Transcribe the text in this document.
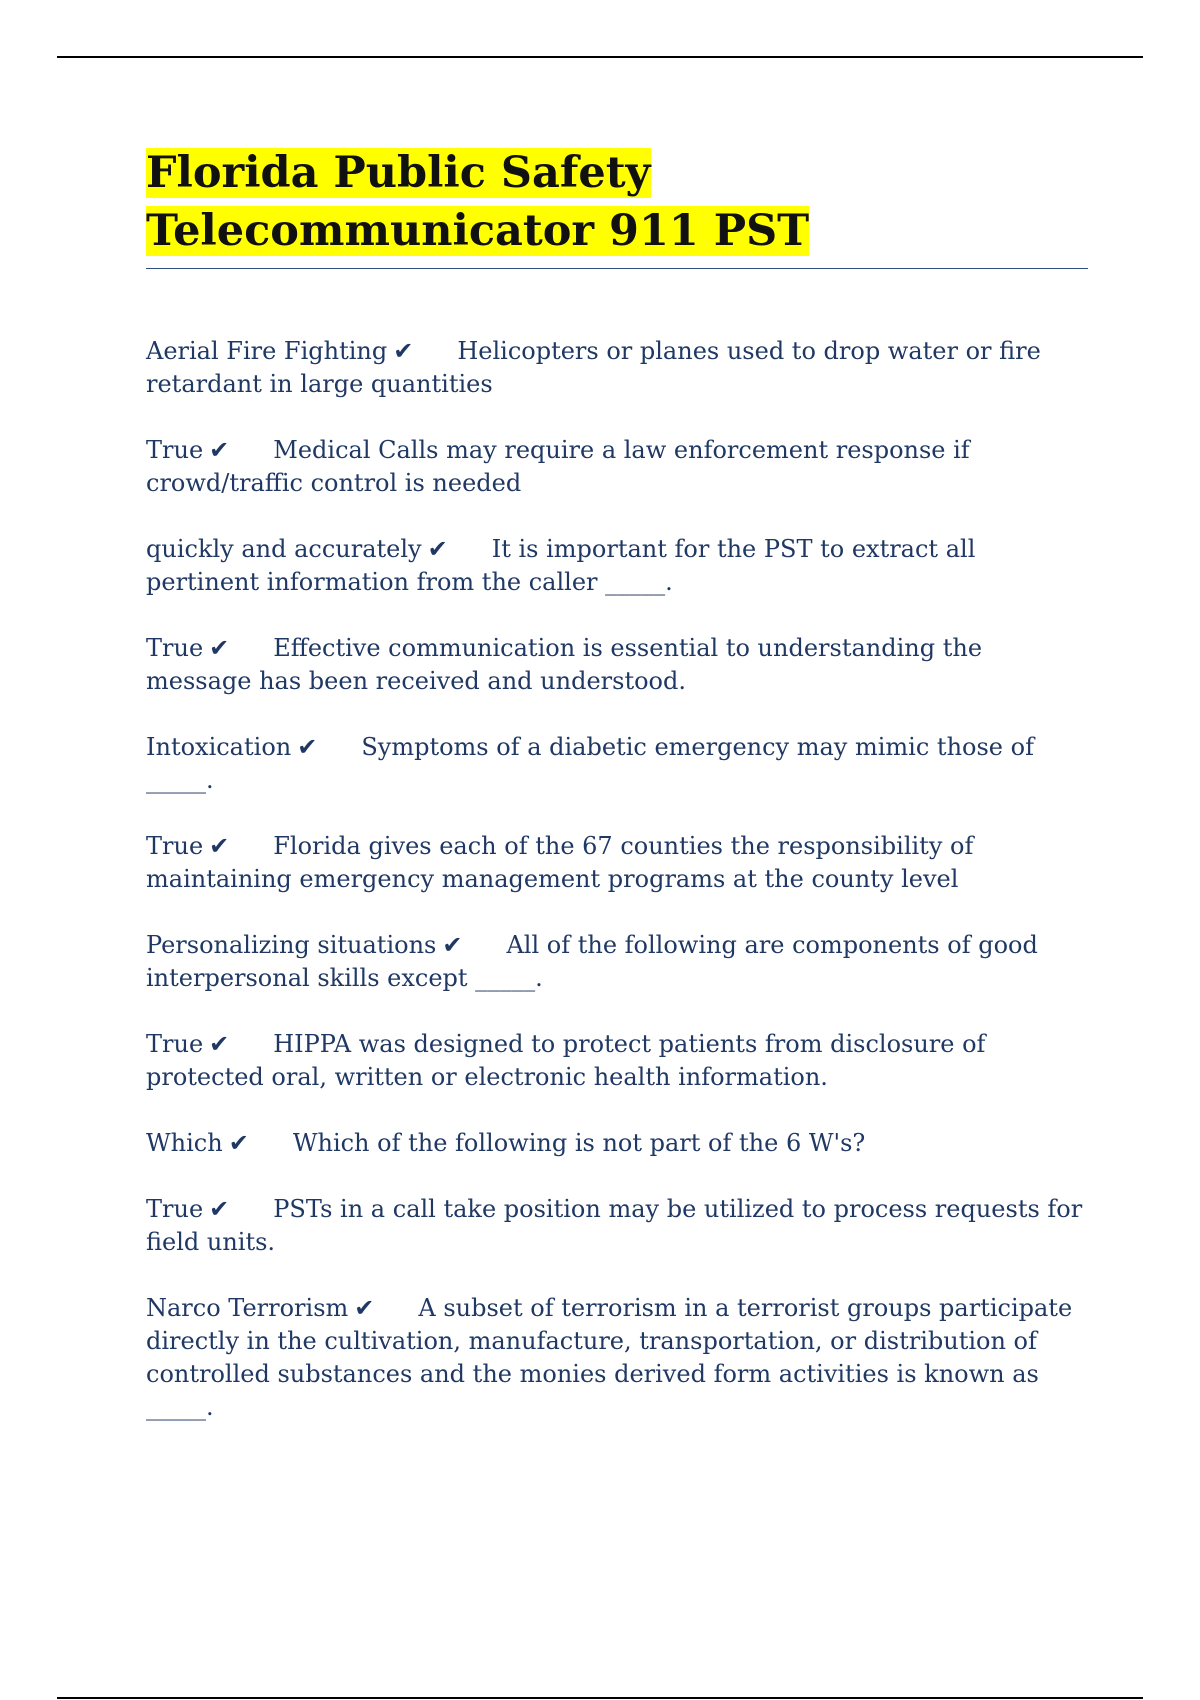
Florida Public Safety Telecommunicator 911 PST
Aerial Fire Fighting ✔ Helicopters or planes used to drop water or fire retardant in large quantities
True ✔ Medical Calls may require a law enforcement response if crowd/traffic control is needed
quickly and accurately ✔ It is important for the PST to extract all pertinent information from the caller _____.
True ✔ Effective communication is essential to understanding the message has been received and understood.
Intoxication ✔ Symptoms of a diabetic emergency may mimic those of _____.
True ✔ Florida gives each of the 67 counties the responsibility of maintaining emergency management programs at the county level
Personalizing situations ✔ All of the following are components of good interpersonal skills except _____.
True ✔ HIPPA was designed to protect patients from disclosure of protected oral, written or electronic health information.
Which ✔ Which of the following is not part of the 6 W's?
True ✔ PSTs in a call take position may be utilized to process requests for field units.
Narco Terrorism ✔ A subset of terrorism in a terrorist groups participate directly in the cultivation, manufacture, transportation, or distribution of controlled substances and the monies derived form activities is known as _____.
